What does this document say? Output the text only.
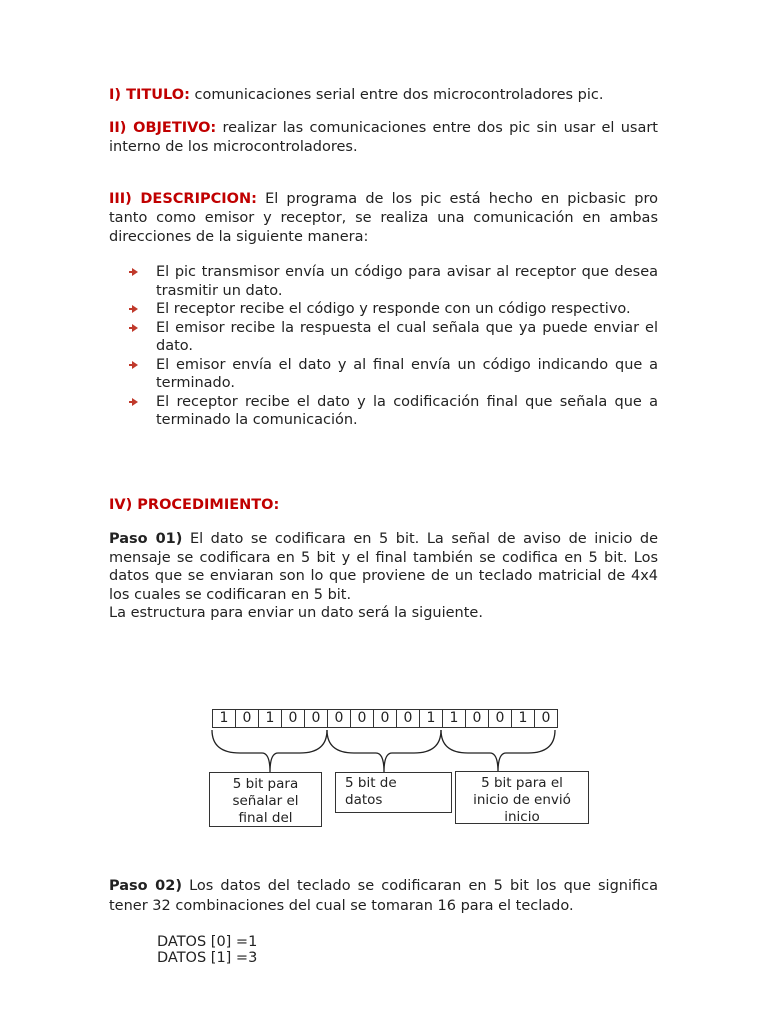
I) TITULO: comunicaciones serial entre dos microcontroladores pic.
II) OBJETIVO: realizar las comunicaciones entre dos pic sin usar el usart interno de los microcontroladores.
III) DESCRIPCION: El programa de los pic está hecho en picbasic pro tanto como emisor y receptor, se realiza una comunicación en ambas direcciones de la siguiente manera:
El pic transmisor envía un código para avisar al receptor que desea trasmitir un dato.
El receptor recibe el código y responde con un código respectivo.
El emisor recibe la respuesta el cual señala que ya puede enviar el dato.
El emisor envía el dato y al final envía un código indicando que a terminado.
El receptor recibe el dato y la codificación final que señala que a terminado la comunicación.
IV) PROCEDIMIENTO:
Paso 01) El dato se codificara en 5 bit. La señal de aviso de inicio de mensaje se codificara en 5 bit y el final también se codifica en 5 bit. Los datos que se enviaran son lo que proviene de un teclado matricial de 4x4 los cuales se codificaran en 5 bit.
La estructura para enviar un dato será la siguiente.
1	0	1	0	0	0	0	0	0	1	1	0	0	1	0
5 bit para
señalar el
final del
5 bit de
datos
5 bit para el
inicio de envió
inicio
Paso 02) Los datos del teclado se codificaran en 5 bit los que significa tener 32 combinaciones del cual se tomaran 16 para el teclado.
DATOS [0] =1
DATOS [1] =3
